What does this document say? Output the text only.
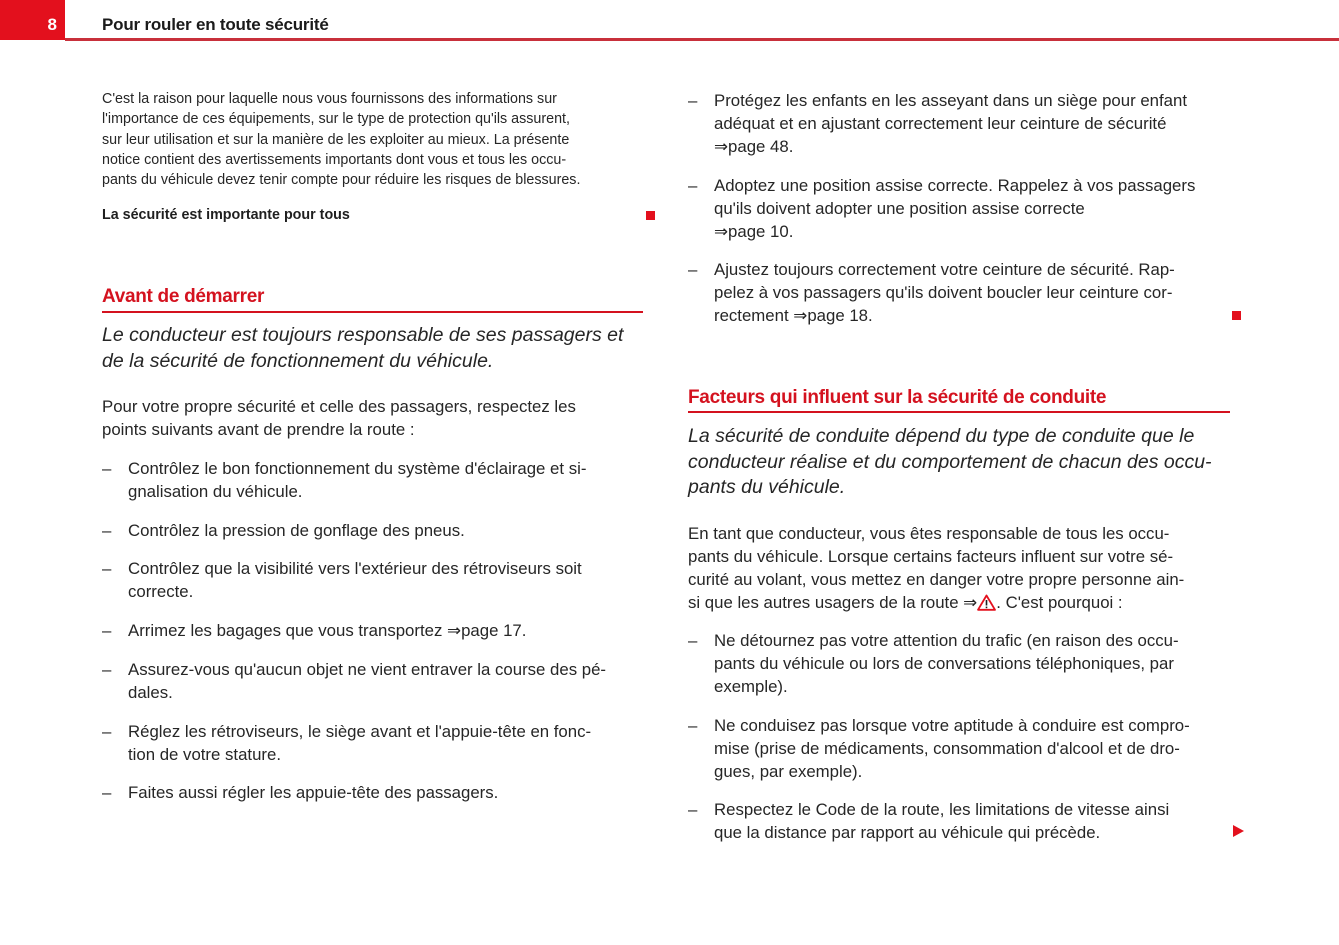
8	Pour rouler en toute sécurité
C'est la raison pour laquelle nous vous fournissons des informations sur
l'importance de ces équipements, sur le type de protection qu'ils assurent,
sur leur utilisation et sur la manière de les exploiter au mieux. La présente
notice contient des avertissements importants dont vous et tous les occu-
pants du véhicule devez tenir compte pour réduire les risques de blessures.
La sécurité est importante pour tous
Avant de démarrer
Le conducteur est toujours responsable de ses passagers et
de la sécurité de fonctionnement du véhicule.
Pour votre propre sécurité et celle des passagers, respectez les
points suivants avant de prendre la route :
– Contrôlez le bon fonctionnement du système d'éclairage et si-
gnalisation du véhicule.
– Contrôlez la pression de gonflage des pneus.
– Contrôlez que la visibilité vers l'extérieur des rétroviseurs soit
correcte.
– Arrimez les bagages que vous transportez ⇒page 17.
– Assurez-vous qu'aucun objet ne vient entraver la course des pé-
dales.
– Réglez les rétroviseurs, le siège avant et l'appuie-tête en fonc-
tion de votre stature.
– Faites aussi régler les appuie-tête des passagers.
– Protégez les enfants en les asseyant dans un siège pour enfant
adéquat et en ajustant correctement leur ceinture de sécurité
⇒page 48.
– Adoptez une position assise correcte. Rappelez à vos passagers
qu'ils doivent adopter une position assise correcte
⇒page 10.
– Ajustez toujours correctement votre ceinture de sécurité. Rap-
pelez à vos passagers qu'ils doivent boucler leur ceinture cor-
rectement ⇒page 18.
Facteurs qui influent sur la sécurité de conduite
La sécurité de conduite dépend du type de conduite que le
conducteur réalise et du comportement de chacun des occu-
pants du véhicule.
En tant que conducteur, vous êtes responsable de tous les occu-
pants du véhicule. Lorsque certains facteurs influent sur votre sé-
curité au volant, vous mettez en danger votre propre personne ain-
si que les autres usagers de la route ⇒ . C'est pourquoi :
– Ne détournez pas votre attention du trafic (en raison des occu-
pants du véhicule ou lors de conversations téléphoniques, par
exemple).
– Ne conduisez pas lorsque votre aptitude à conduire est compro-
mise (prise de médicaments, consommation d'alcool et de dro-
gues, par exemple).
– Respectez le Code de la route, les limitations de vitesse ainsi
que la distance par rapport au véhicule qui précède.
